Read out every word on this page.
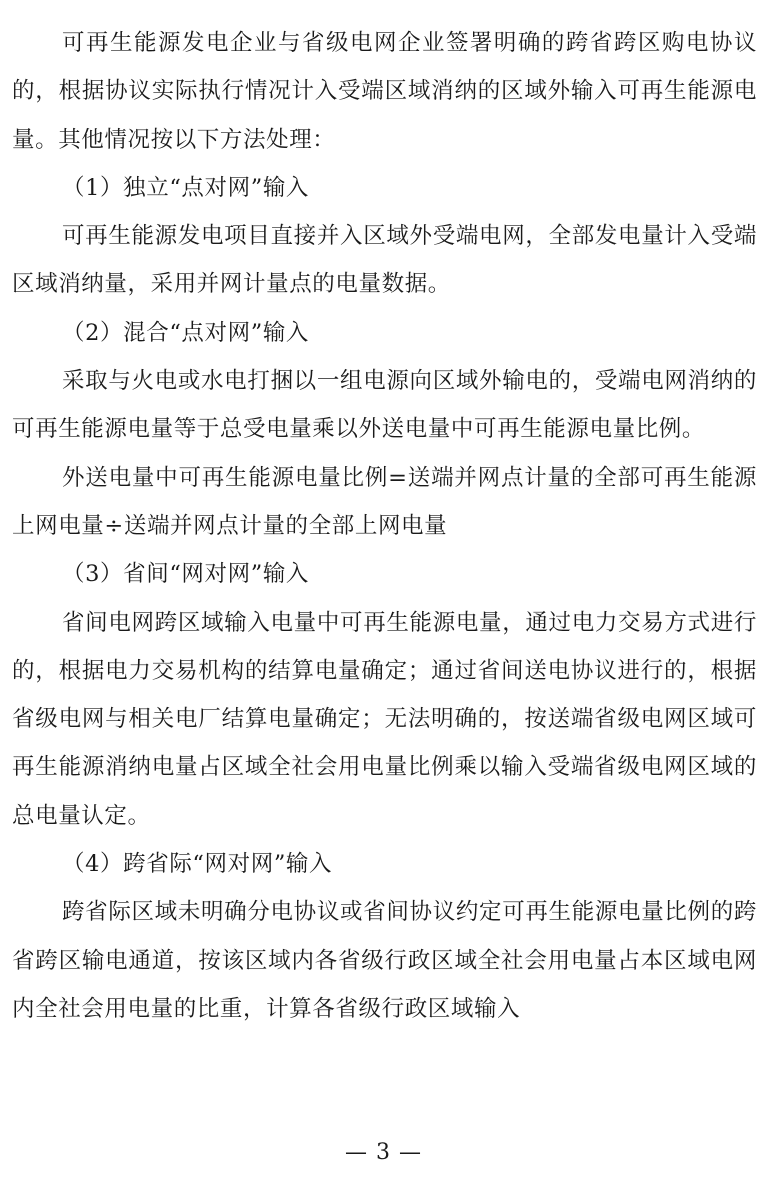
可再生能源发电企业与省级电网企业签署明确的跨省跨区购电协议的，根据协议实际执行情况计入受端区域消纳的区域外输入可再生能源电量。其他情况按以下方法处理：

（1）独立“点对网”输入

可再生能源发电项目直接并入区域外受端电网，全部发电量计入受端区域消纳量，采用并网计量点的电量数据。

（2）混合“点对网”输入

采取与火电或水电打捆以一组电源向区域外输电的，受端电网消纳的可再生能源电量等于总受电量乘以外送电量中可再生能源电量比例。

外送电量中可再生能源电量比例=送端并网点计量的全部可再生能源上网电量÷送端并网点计量的全部上网电量

（3）省间“网对网”输入

省间电网跨区域输入电量中可再生能源电量，通过电力交易方式进行的，根据电力交易机构的结算电量确定；通过省间送电协议进行的，根据省级电网与相关电厂结算电量确定；无法明确的，按送端省级电网区域可再生能源消纳电量占区域全社会用电量比例乘以输入受端省级电网区域的总电量认定。

（4）跨省际“网对网”输入

跨省际区域未明确分电协议或省间协议约定可再生能源电量比例的跨省跨区输电通道，按该区域内各省级行政区域全社会用电量占本区域电网内全社会用电量的比重，计算各省级行政区域输入

— 3 —
